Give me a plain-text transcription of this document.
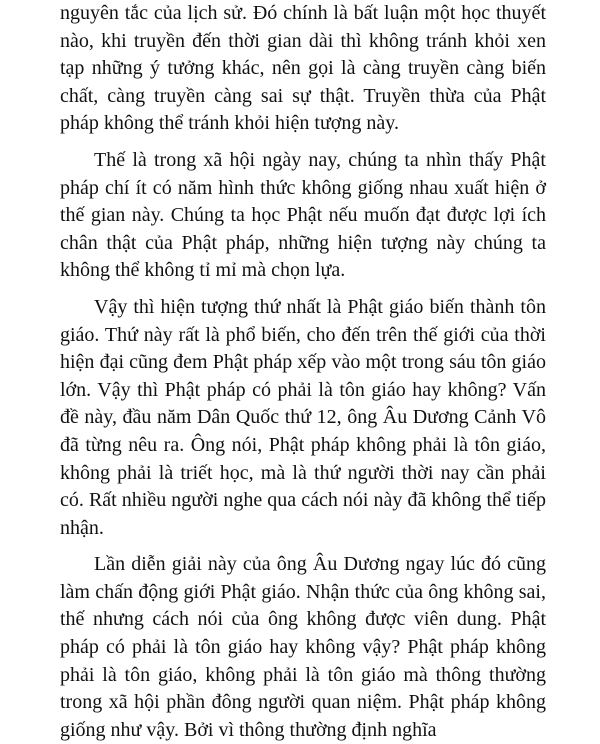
nguyên tắc của lịch sử. Đó chính là bất luận một học thuyết nào, khi truyền đến thời gian dài thì không tránh khỏi xen tạp những ý tưởng khác, nên gọi là càng truyền càng biến chất, càng truyền càng sai sự thật. Truyền thừa của Phật pháp không thể tránh khỏi hiện tượng này.

Thế là trong xã hội ngày nay, chúng ta nhìn thấy Phật pháp chí ít có năm hình thức không giống nhau xuất hiện ở thế gian này. Chúng ta học Phật nếu muốn đạt được lợi ích chân thật của Phật pháp, những hiện tượng này chúng ta không thể không tỉ mỉ mà chọn lựa.

Vậy thì hiện tượng thứ nhất là Phật giáo biến thành tôn giáo. Thứ này rất là phổ biến, cho đến trên thế giới của thời hiện đại cũng đem Phật pháp xếp vào một trong sáu tôn giáo lớn. Vậy thì Phật pháp có phải là tôn giáo hay không? Vấn đề này, đầu năm Dân Quốc thứ 12, ông Âu Dương Cảnh Vô đã từng nêu ra. Ông nói, Phật pháp không phải là tôn giáo, không phải là triết học, mà là thứ người thời nay cần phải có. Rất nhiều người nghe qua cách nói này đã không thể tiếp nhận.

Lần diễn giải này của ông Âu Dương ngay lúc đó cũng làm chấn động giới Phật giáo. Nhận thức của ông không sai, thế nhưng cách nói của ông không được viên dung. Phật pháp có phải là tôn giáo hay không vậy? Phật pháp không phải là tôn giáo, không phải là tôn giáo mà thông thường trong xã hội phần đông người quan niệm. Phật pháp không giống như vậy. Bởi vì thông thường định nghĩa
